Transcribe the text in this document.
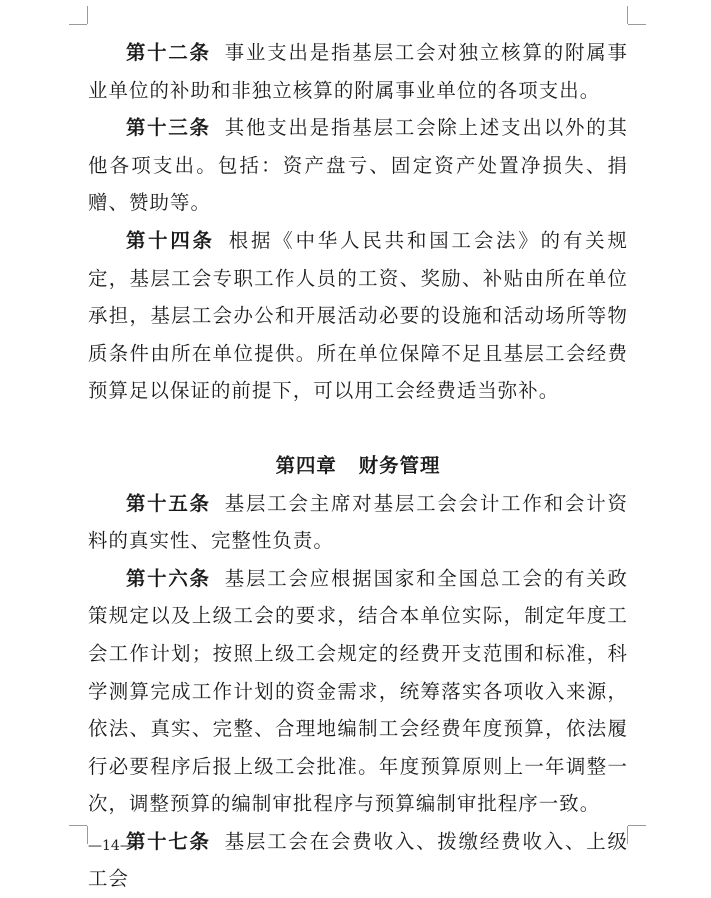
第十二条 事业支出是指基层工会对独立核算的附属事业单位的补助和非独立核算的附属事业单位的各项支出。

第十三条 其他支出是指基层工会除上述支出以外的其他各项支出。包括：资产盘亏、固定资产处置净损失、捐赠、赞助等。

第十四条 根据《中华人民共和国工会法》的有关规定，基层工会专职工作人员的工资、奖励、补贴由所在单位承担，基层工会办公和开展活动必要的设施和活动场所等物质条件由所在单位提供。所在单位保障不足且基层工会经费预算足以保证的前提下，可以用工会经费适当弥补。

第四章 财务管理

第十五条 基层工会主席对基层工会会计工作和会计资料的真实性、完整性负责。

第十六条 基层工会应根据国家和全国总工会的有关政策规定以及上级工会的要求，结合本单位实际，制定年度工会工作计划；按照上级工会规定的经费开支范围和标准，科学测算完成工作计划的资金需求，统筹落实各项收入来源，依法、真实、完整、合理地编制工会经费年度预算，依法履行必要程序后报上级工会批准。年度预算原则上一年调整一次，调整预算的编制审批程序与预算编制审批程序一致。

第十七条 基层工会在会费收入、拨缴经费收入、上级工会

—14—
